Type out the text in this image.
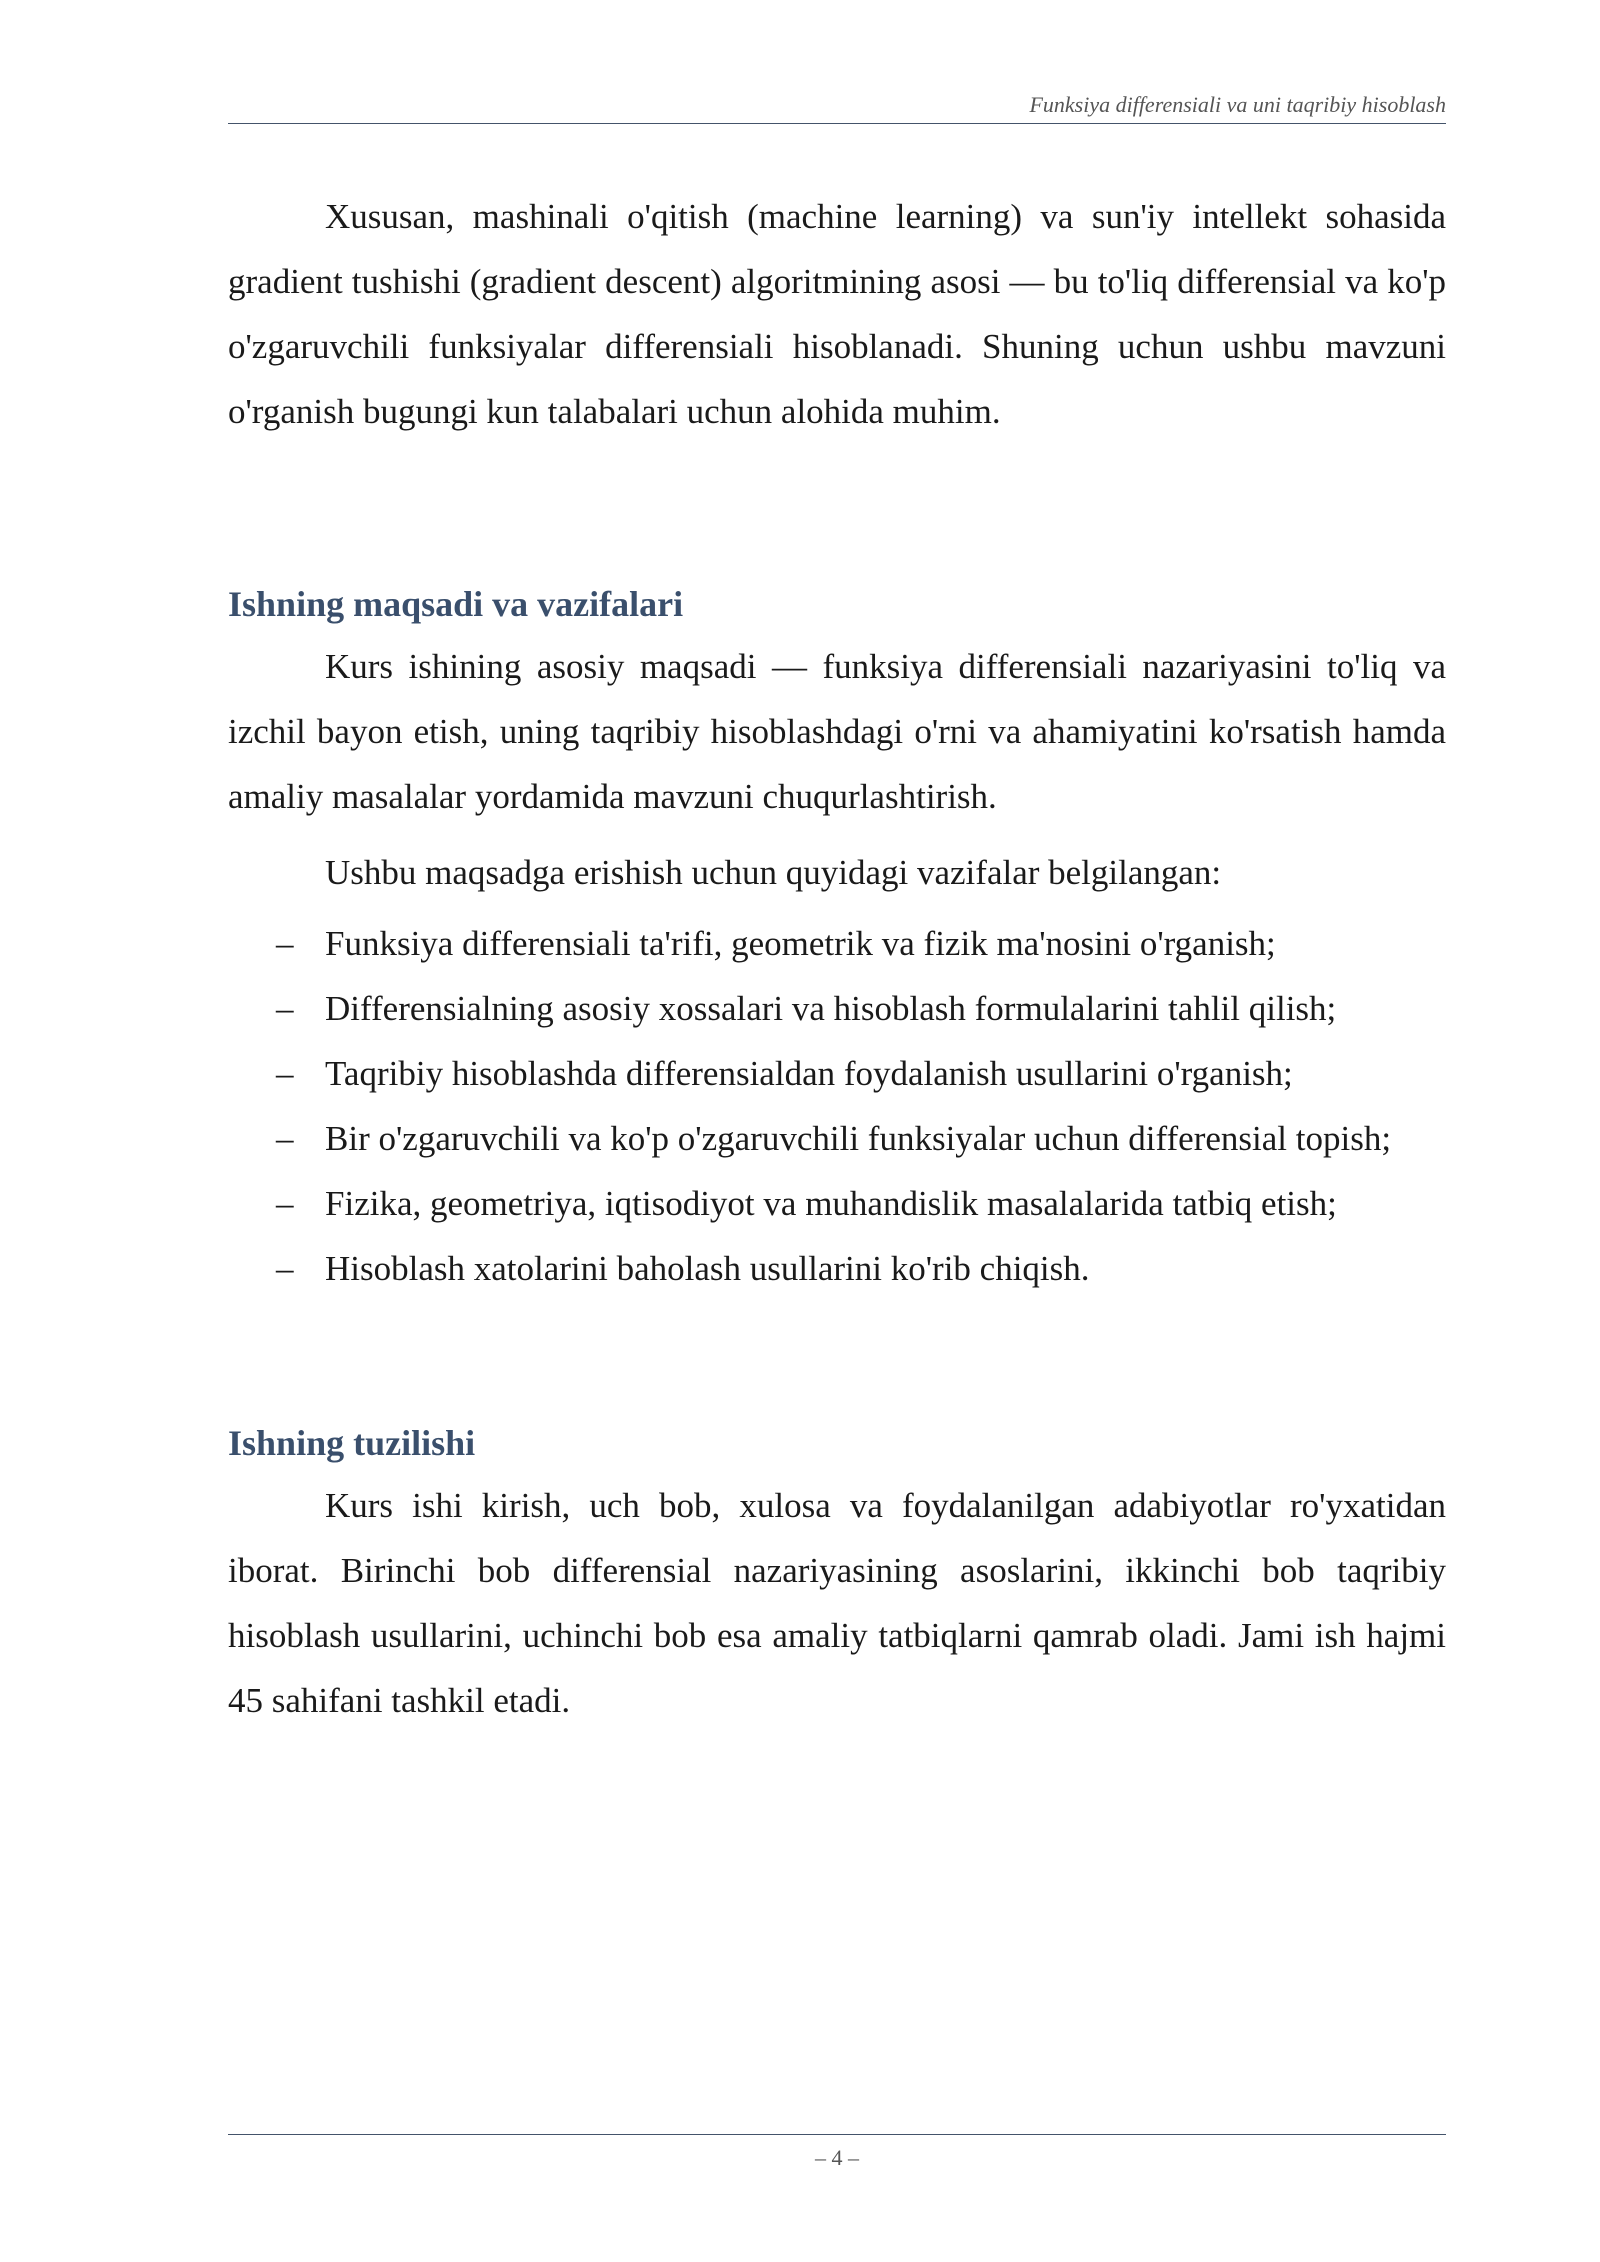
Funksiya differensiali va uni taqribiy hisoblash

Xususan, mashinali o'qitish (machine learning) va sun'iy intellekt sohasida gradient tushishi (gradient descent) algoritmining asosi — bu to'liq differensial va ko'p o'zgaruvchili funksiyalar differensiali hisoblanadi. Shuning uchun ushbu mavzuni o'rganish bugungi kun talabalari uchun alohida muhim.

Ishning maqsadi va vazifalari

Kurs ishining asosiy maqsadi — funksiya differensiali nazariyasini to'liq va izchil bayon etish, uning taqribiy hisoblashdagi o'rni va ahamiyatini ko'rsatish hamda amaliy masalalar yordamida mavzuni chuqurlashtirish.

Ushbu maqsadga erishish uchun quyidagi vazifalar belgilangan:

– Funksiya differensiali ta'rifi, geometrik va fizik ma'nosini o'rganish;
– Differensialning asosiy xossalari va hisoblash formulalarini tahlil qilish;
– Taqribiy hisoblashda differensialdan foydalanish usullarini o'rganish;
– Bir o'zgaruvchili va ko'p o'zgaruvchili funksiyalar uchun differensial topish;
– Fizika, geometriya, iqtisodiyot va muhandislik masalalarida tatbiq etish;
– Hisoblash xatolarini baholash usullarini ko'rib chiqish.
Ishning tuzilishi

Kurs ishi kirish, uch bob, xulosa va foydalanilgan adabiyotlar ro'yxatidan iborat. Birinchi bob differensial nazariyasining asoslarini, ikkinchi bob taqribiy hisoblash usullarini, uchinchi bob esa amaliy tatbiqlarni qamrab oladi. Jami ish hajmi 45 sahifani tashkil etadi.

– 4 –
